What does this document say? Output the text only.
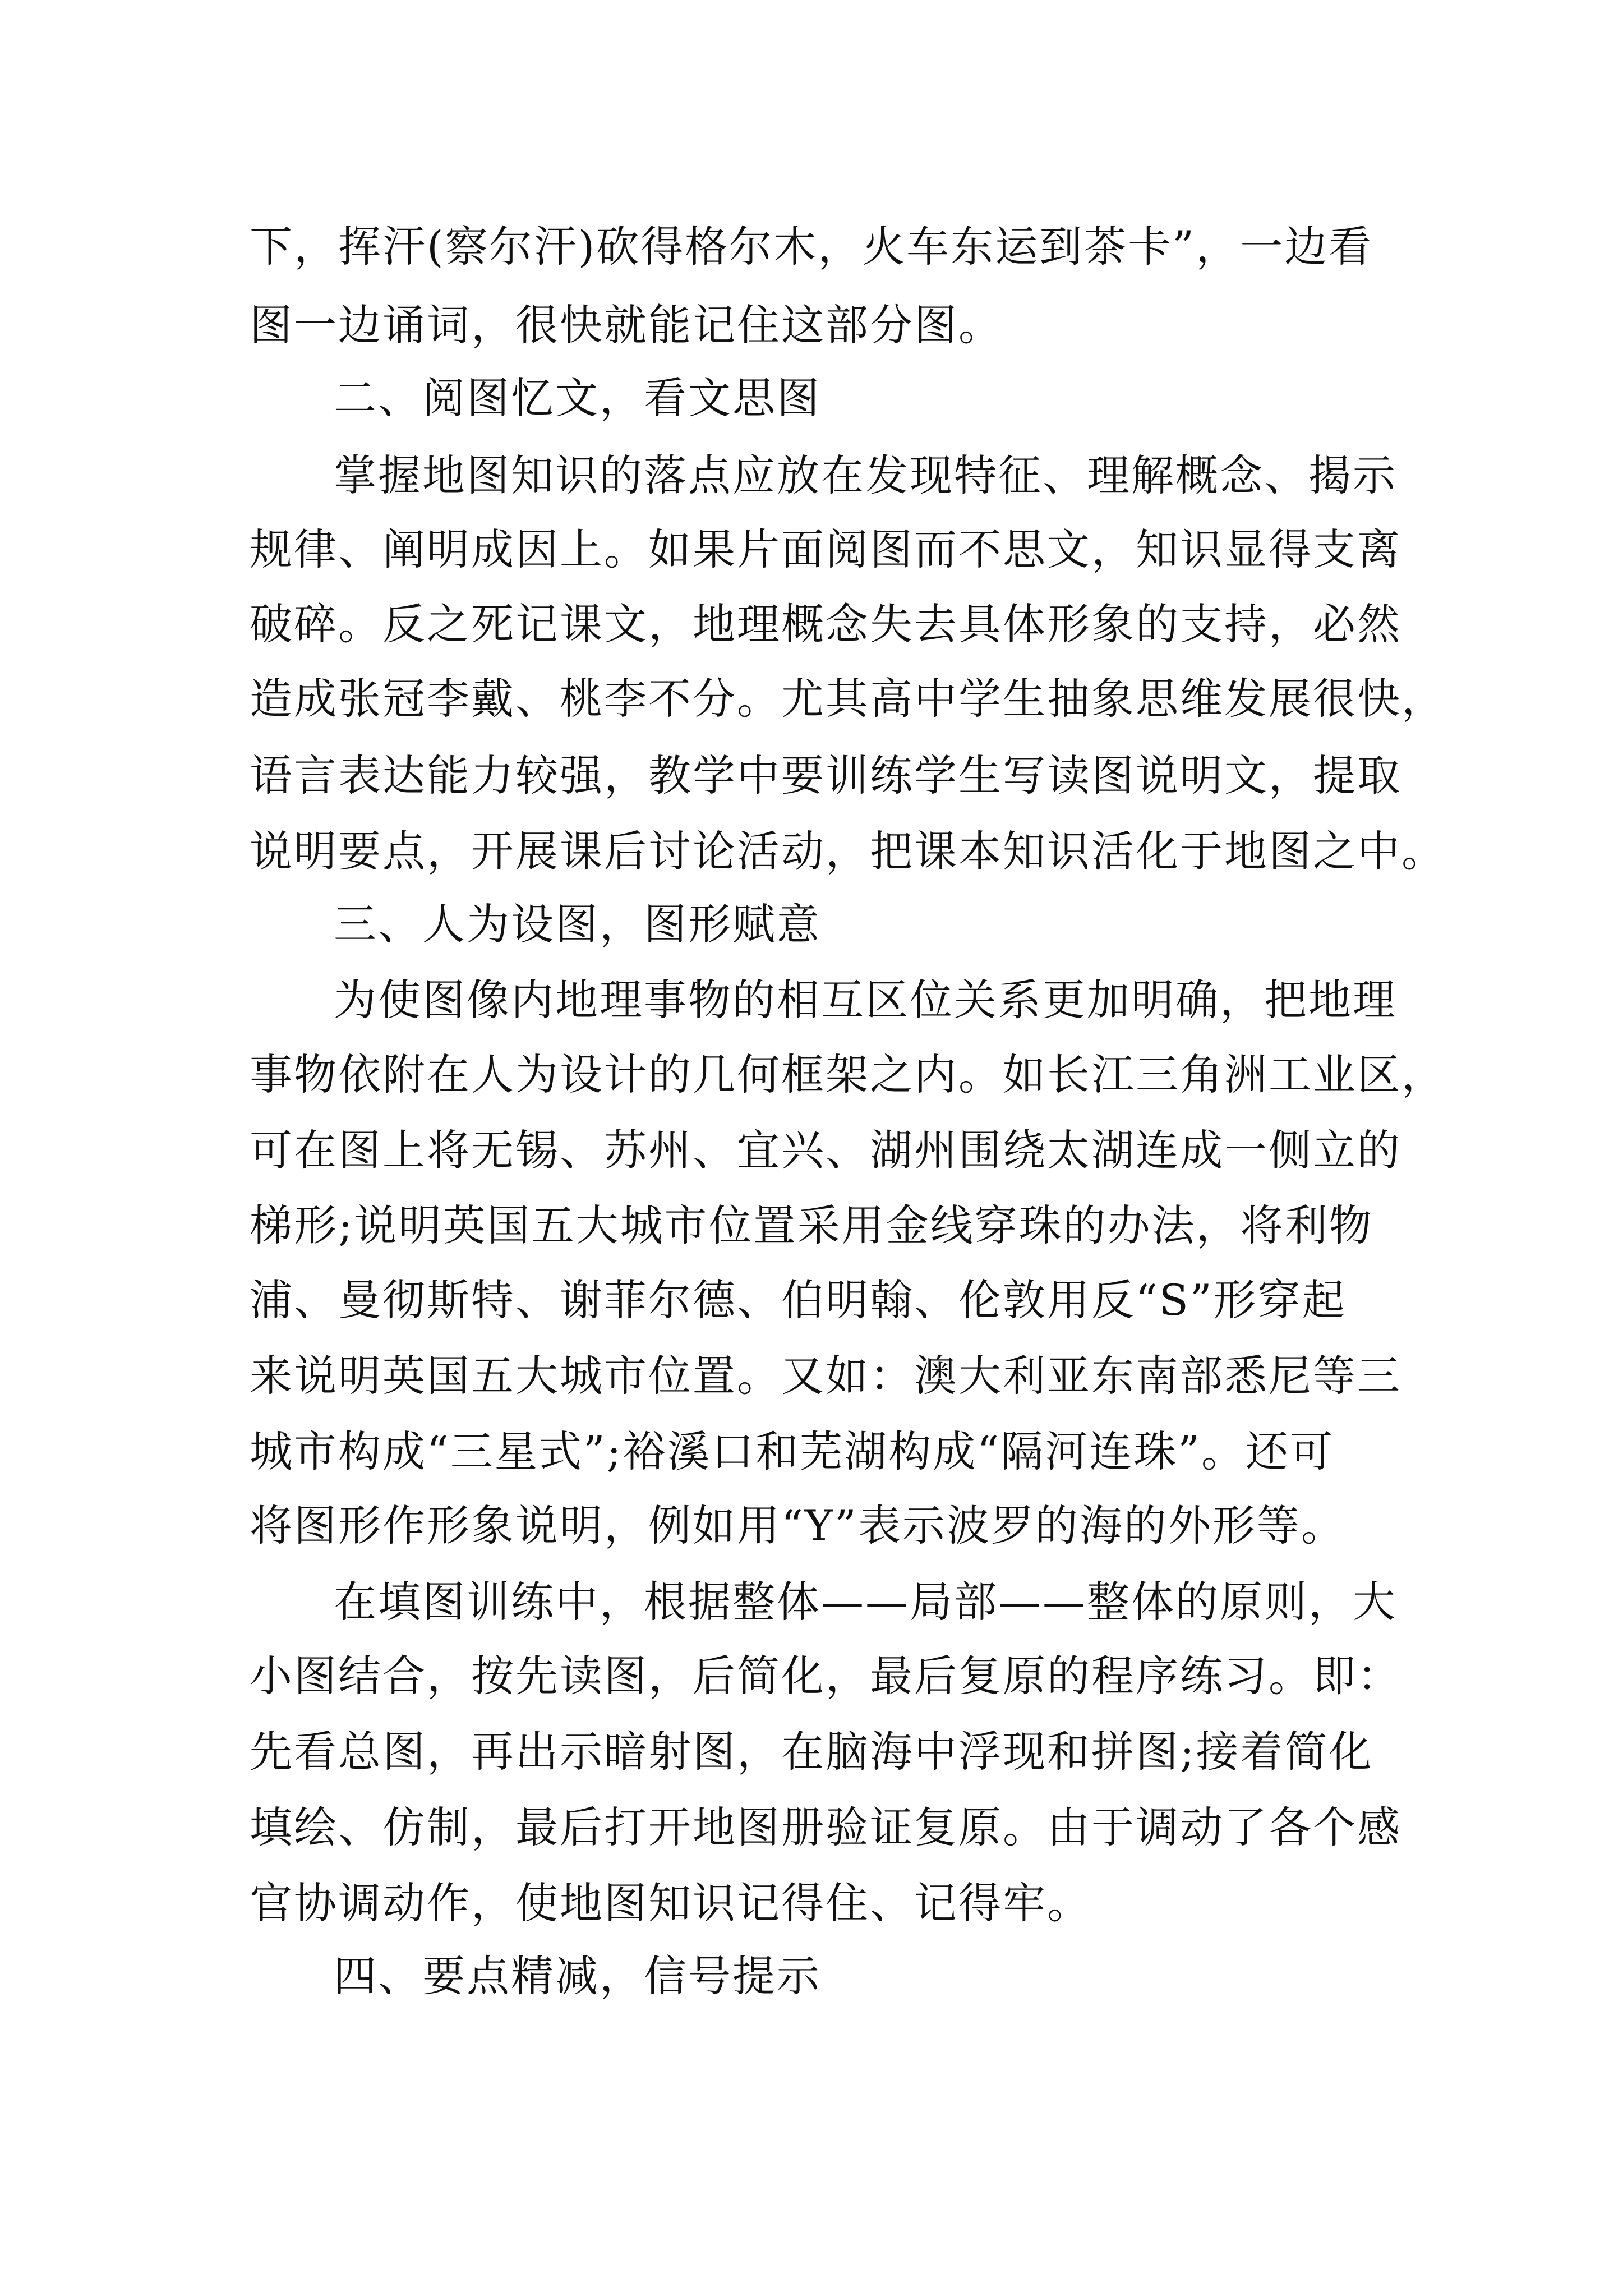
下，挥汗(察尔汗)砍得格尔木，火车东运到茶卡”，一边看
图一边诵词，很快就能记住这部分图。
二、阅图忆文，看文思图
掌握地图知识的落点应放在发现特征、理解概念、揭示
规律、阐明成因上。如果片面阅图而不思文，知识显得支离
破碎。反之死记课文，地理概念失去具体形象的支持，必然
造成张冠李戴、桃李不分。尤其高中学生抽象思维发展很快，
语言表达能力较强，教学中要训练学生写读图说明文，提取
说明要点，开展课后讨论活动，把课本知识活化于地图之中。
三、人为设图，图形赋意
为使图像内地理事物的相互区位关系更加明确，把地理
事物依附在人为设计的几何框架之内。如长江三角洲工业区，
可在图上将无锡、苏州、宜兴、湖州围绕太湖连成一侧立的
梯形;说明英国五大城市位置采用金线穿珠的办法，将利物
浦、曼彻斯特、谢菲尔德、伯明翰、伦敦用反“S”形穿起
来说明英国五大城市位置。又如：澳大利亚东南部悉尼等三
城市构成“三星式”;裕溪口和芜湖构成“隔河连珠”。还可
将图形作形象说明，例如用“Y”表示波罗的海的外形等。
在填图训练中，根据整体——局部——整体的原则，大
小图结合，按先读图，后简化，最后复原的程序练习。即：
先看总图，再出示暗射图，在脑海中浮现和拼图;接着简化
填绘、仿制，最后打开地图册验证复原。由于调动了各个感
官协调动作，使地图知识记得住、记得牢。
四、要点精减，信号提示
